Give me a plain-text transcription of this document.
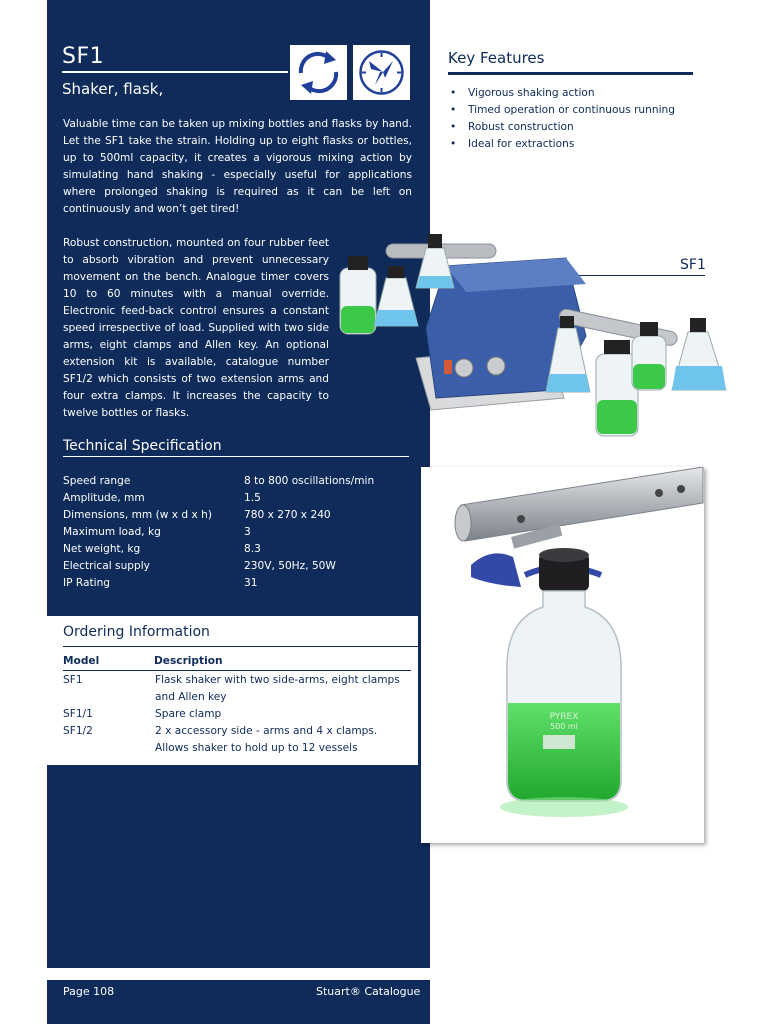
SF1
Shaker, flask,
Valuable time can be taken up mixing bottles and flasks by hand. Let the SF1 take the strain. Holding up to eight flasks or bottles, up to 500ml capacity, it creates a vigorous mixing action by simulating hand shaking - especially useful for applications where prolonged shaking is required as it can be left on continuously and won’t get tired!
Robust construction, mounted on four rubber feet to absorb vibration and prevent unnecessary movement on the bench. Analogue timer covers 10 to 60 minutes with a manual override. Electronic feed-back control ensures a constant speed irrespective of load. Supplied with two side arms, eight clamps and Allen key. An optional extension kit is available, catalogue number SF1/2 which consists of two extension arms and four extra clamps. It increases the capacity to twelve bottles or flasks.
Key Features
• Vigorous shaking action
• Timed operation or continuous running
• Robust construction
• Ideal for extractions
SF1
Technical Specification
Speed range	8 to 800 oscillations/min
Amplitude, mm	1.5
Dimensions, mm (w x d x h)	780 x 270 x 240
Maximum load, kg	3
Net weight, kg	8.3
Electrical supply	230V, 50Hz, 50W
IP Rating	31
Ordering Information
Model	Description
SF1	Flask shaker with two side-arms, eight clamps
and Allen key
SF1/1	Spare clamp
SF1/2	2 x accessory side - arms and 4 x clamps.
Allows shaker to hold up to 12 vessels
PYREX
500 ml
Page 108	Stuart® Catalogue
